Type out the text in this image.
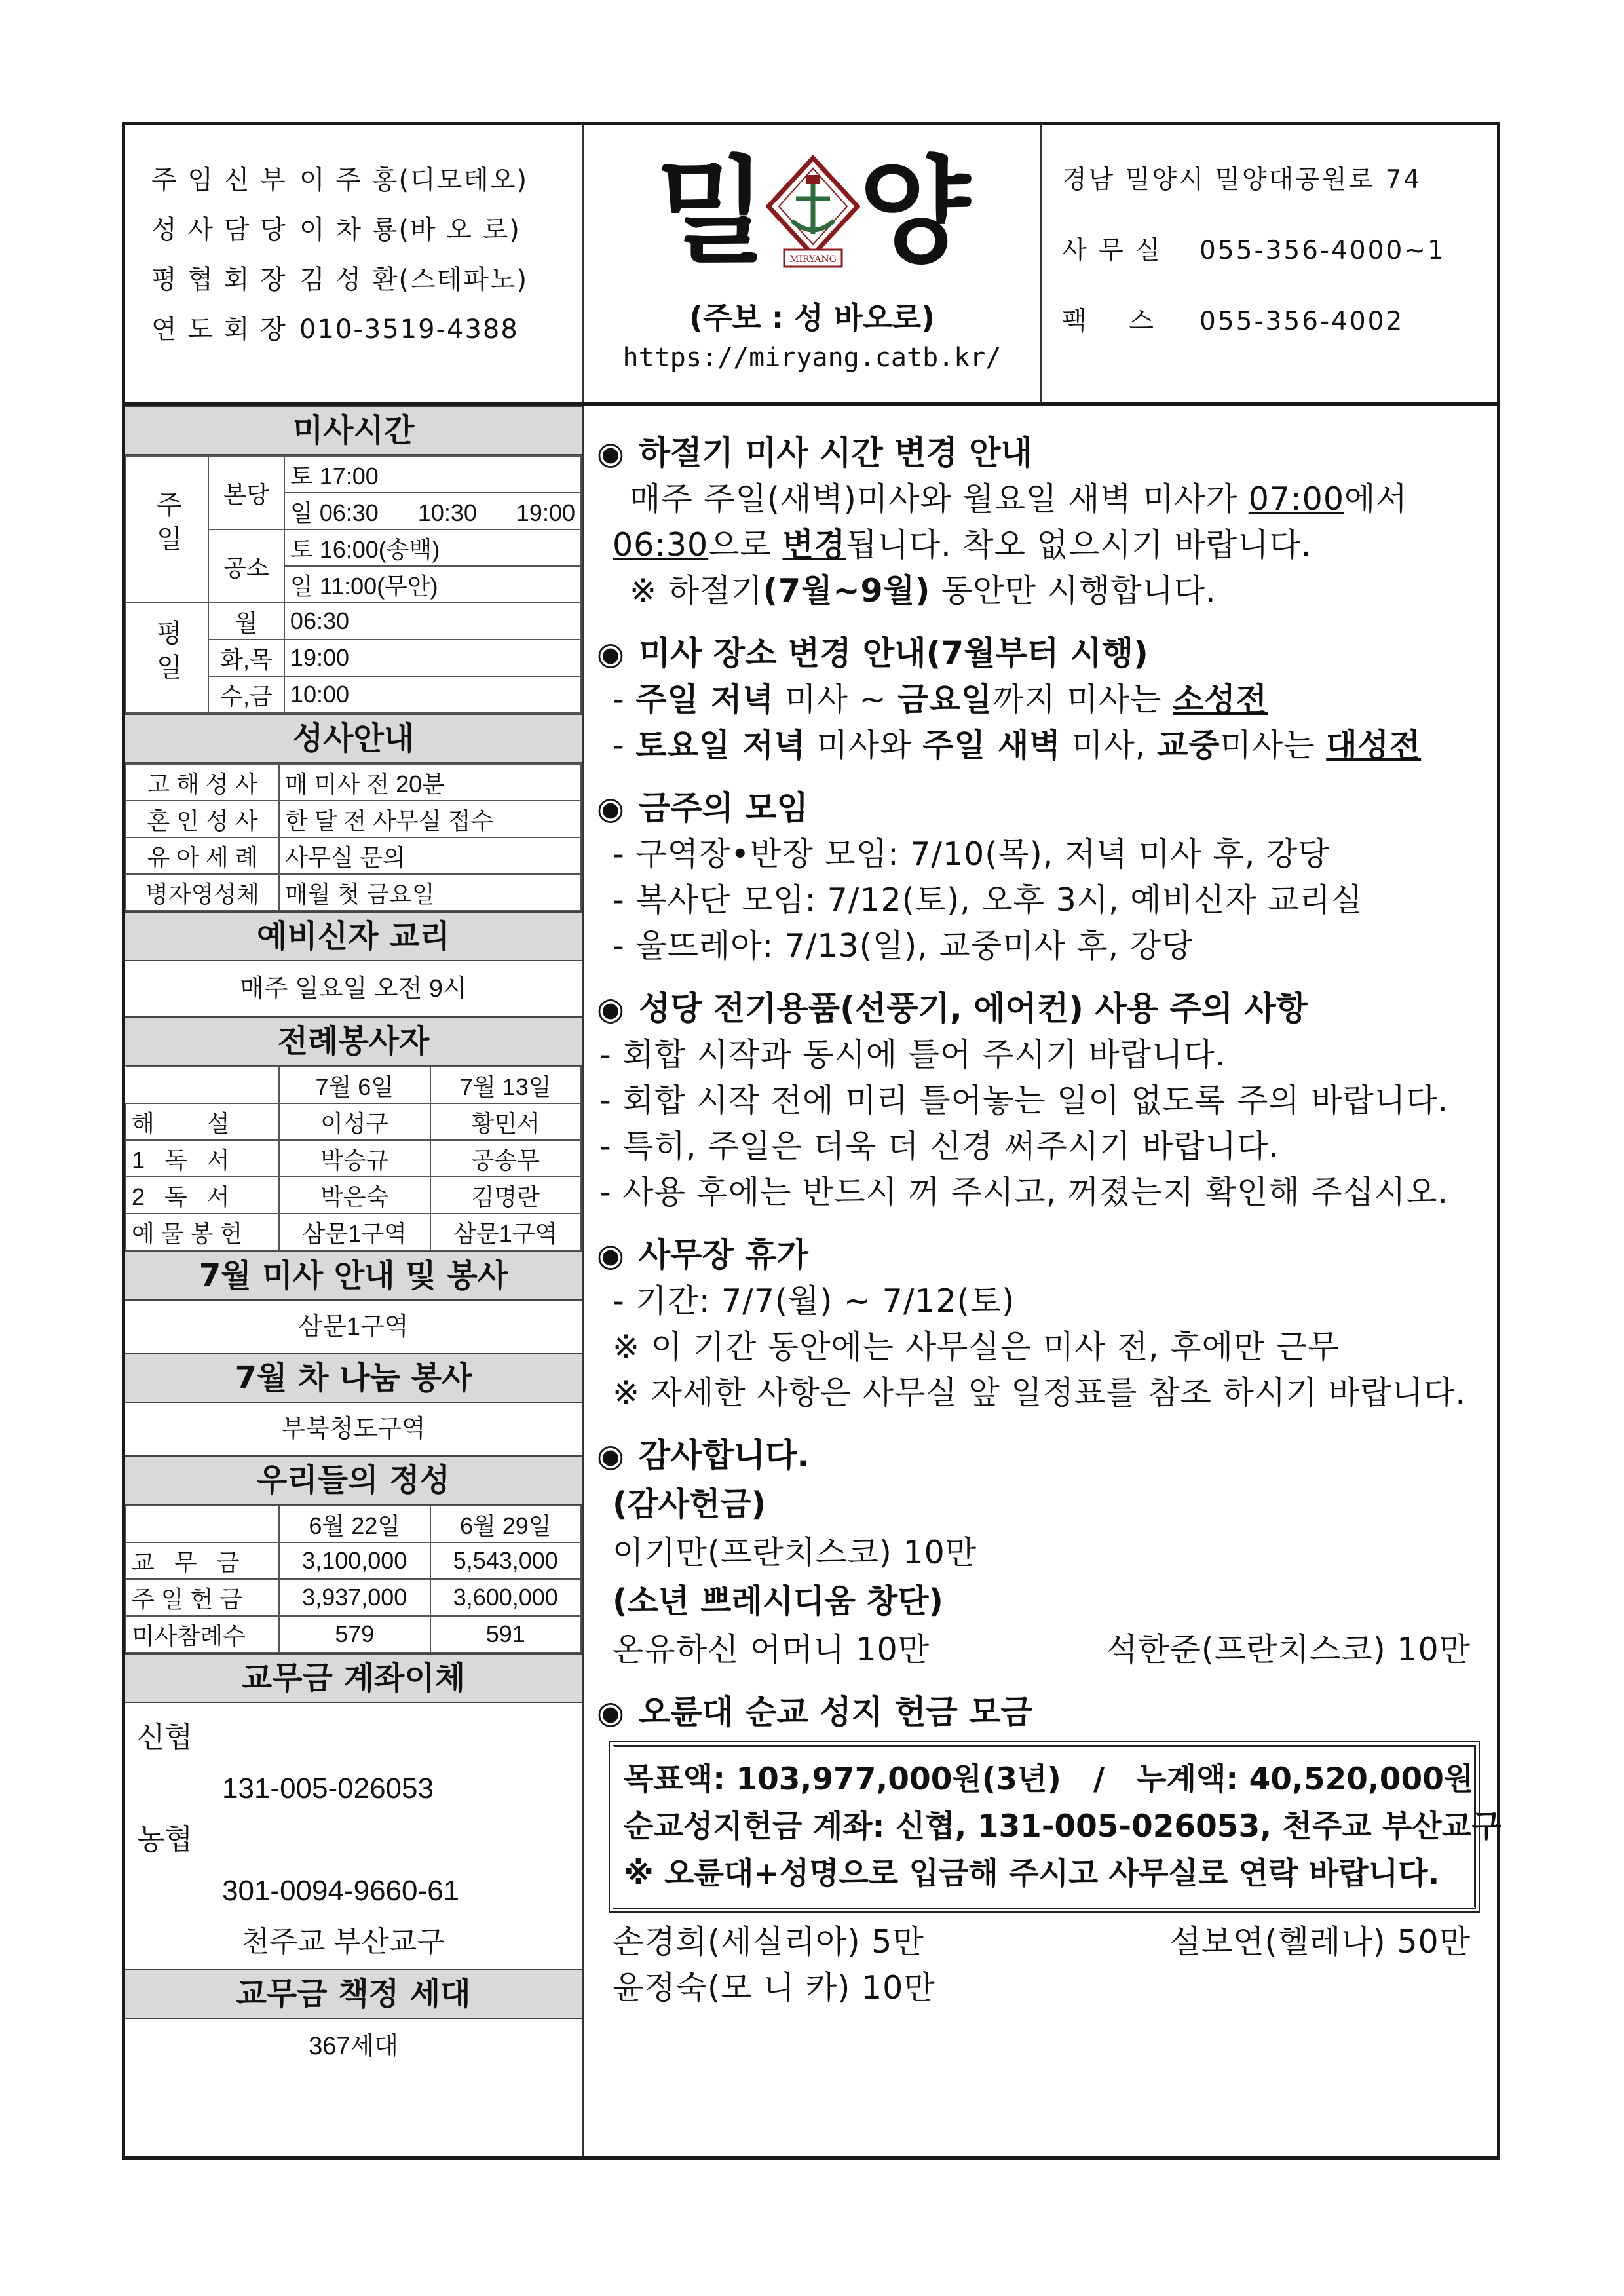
주 임 신 부 이 주 홍(디모테오)
성 사 담 당 이 차 룡(바 오 로)
평 협 회 장 김 성 환(스테파노)
연 도 회 장 010-3519-4388
밀 MIRYANG 양
(주보 : 성 바오로)
https://miryang.catb.kr/
경남 밀양시 밀양대공원로 74
사 무 실 055-356-4000~1
팩    스 055-356-4002
미사시간
주일	본당	토 17:00
		일 06:30      10:30      19:00
	공소	토 16:00(송백)
		일 11:00(무안)
평일	월	06:30
	화,목	19:00
	수,금	10:00
성사안내
고 해 성 사	매 미사 전 20분
혼 인 성 사	한 달 전 사무실 접수
유 아 세 례	사무실 문의
병자영성체	매월 첫 금요일
예비신자 교리
매주 일요일 오전 9시
전례봉사자
	7월 6일	7월 13일
해        설	이성구	황민서
1   독   서	박승규	공송무
2   독   서	박은숙	김명란
예 물 봉 헌	삼문1구역	삼문1구역
7월 미사 안내 및 봉사
삼문1구역
7월 차 나눔 봉사
부북청도구역
우리들의 정성
	6월 22일	6월 29일
교   무   금	3,100,000	5,543,000
주 일 헌 금	3,937,000	3,600,000
미사참례수	579	591
교무금 계좌이체
신협
131-005-026053
농협
301-0094-9660-61
천주교 부산교구
교무금 책정 세대
367세대
◉ 하절기 미사 시간 변경 안내
매주 주일(새벽)미사와 월요일 새벽 미사가 07:00에서
06:30으로 변경됩니다. 착오 없으시기 바랍니다.
※ 하절기(7월~9월) 동안만 시행합니다.
◉ 미사 장소 변경 안내(7월부터 시행)
- 주일 저녁 미사 ~ 금요일까지 미사는 소성전
- 토요일 저녁 미사와 주일 새벽 미사, 교중미사는 대성전
◉ 금주의 모임
- 구역장•반장 모임: 7/10(목), 저녁 미사 후, 강당
- 복사단 모임: 7/12(토), 오후 3시, 예비신자 교리실
- 울뜨레아: 7/13(일), 교중미사 후, 강당
◉ 성당 전기용품(선풍기, 에어컨) 사용 주의 사항
- 회합 시작과 동시에 틀어 주시기 바랍니다.
- 회합 시작 전에 미리 틀어놓는 일이 없도록 주의 바랍니다.
- 특히, 주일은 더욱 더 신경 써주시기 바랍니다.
- 사용 후에는 반드시 꺼 주시고, 꺼졌는지 확인해 주십시오.
◉ 사무장 휴가
- 기간: 7/7(월) ~ 7/12(토)
※ 이 기간 동안에는 사무실은 미사 전, 후에만 근무
※ 자세한 사항은 사무실 앞 일정표를 참조 하시기 바랍니다.
◉ 감사합니다.
(감사헌금)
이기만(프란치스코) 10만
(소년 쁘레시디움 창단)
온유하신 어머니 10만	석한준(프란치스코) 10만
◉ 오륜대 순교 성지 헌금 모금
목표액: 103,977,000원(3년)   /   누계액: 40,520,000원
순교성지헌금 계좌: 신협, 131-005-026053, 천주교 부산교구
※ 오륜대+성명으로 입금해 주시고 사무실로 연락 바랍니다.
손경희(세실리아) 5만	설보연(헬레나) 50만
윤정숙(모 니 카) 10만
